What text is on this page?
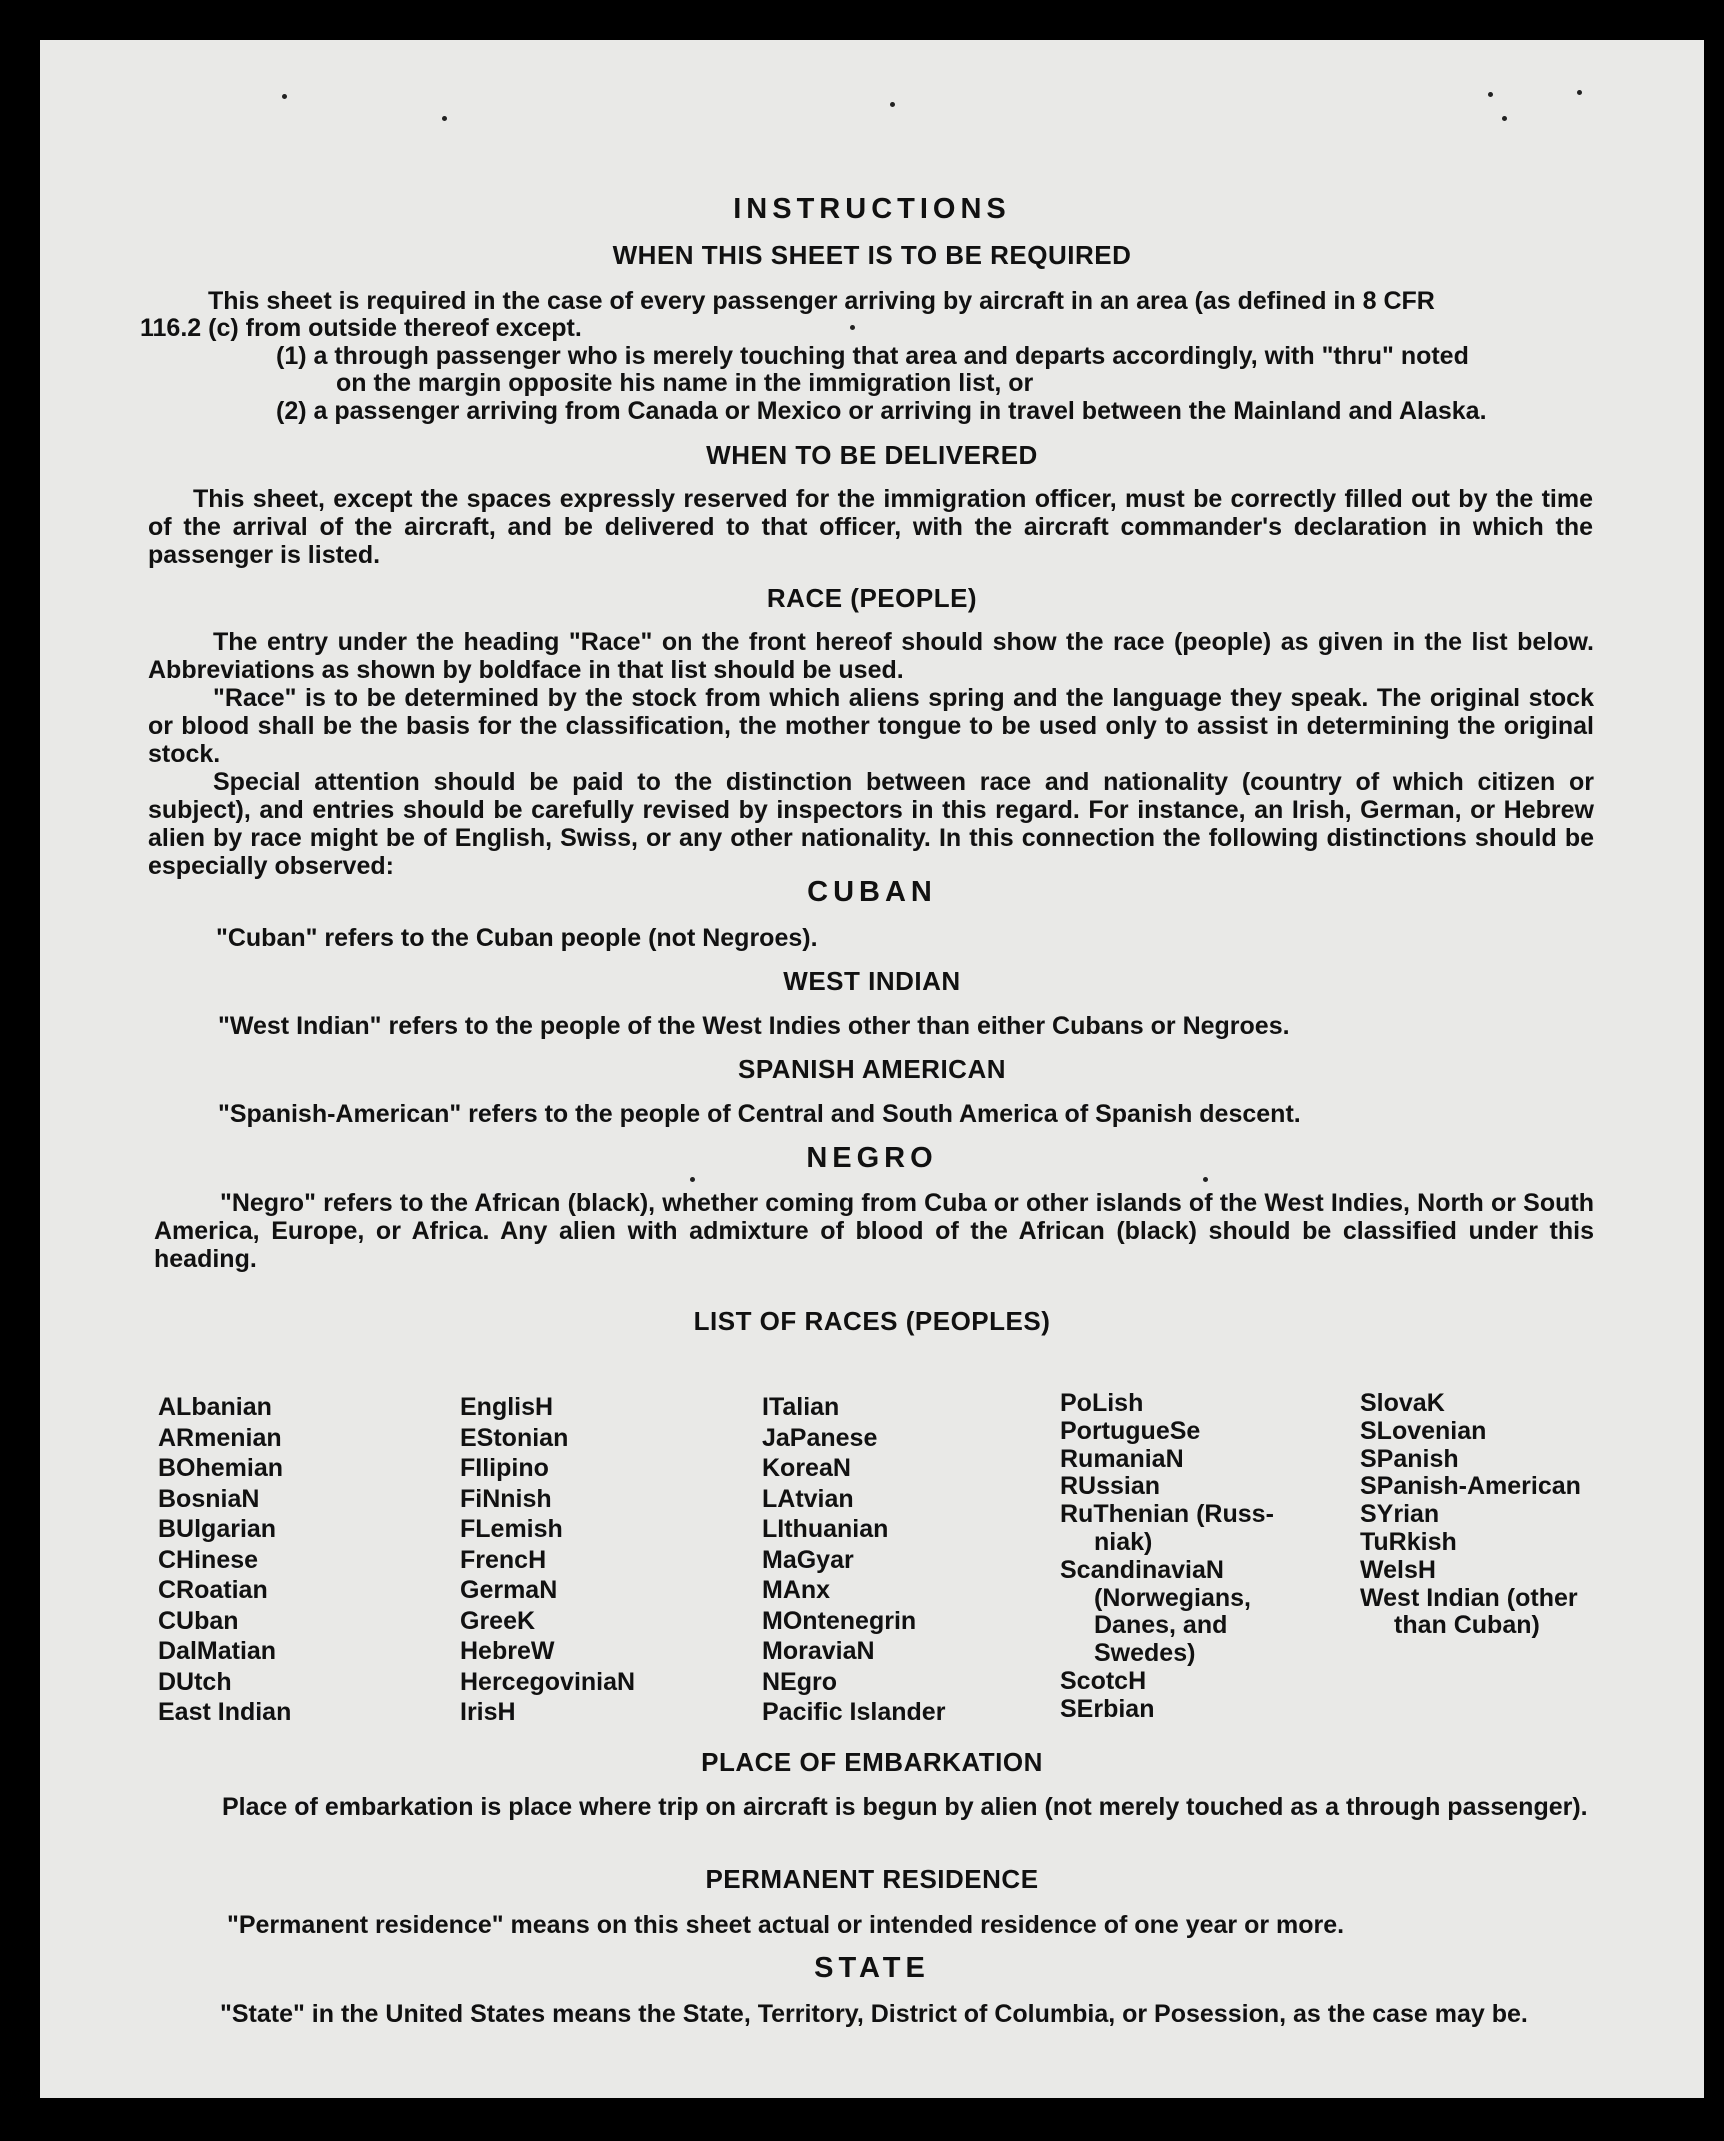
INSTRUCTIONS
WHEN THIS SHEET IS TO BE REQUIRED
This sheet is required in the case of every passenger arriving by aircraft in an area (as defined in 8 CFR
116.2 (c) from outside thereof except.
(1) a through passenger who is merely touching that area and departs accordingly, with "thru" noted
on the margin opposite his name in the immigration list, or
(2) a passenger arriving from Canada or Mexico or arriving in travel between the Mainland and Alaska.
WHEN TO BE DELIVERED
This sheet, except the spaces expressly reserved for the immigration officer, must be correctly filled out by the time of the arrival of the aircraft, and be delivered to that officer, with the aircraft commander's declaration in which the passenger is listed.
RACE (PEOPLE)
The entry under the heading "Race" on the front hereof should show the race (people) as given in the list below. Abbreviations as shown by boldface in that list should be used.
"Race" is to be determined by the stock from which aliens spring and the language they speak. The original stock or blood shall be the basis for the classification, the mother tongue to be used only to assist in determining the original stock.
Special attention should be paid to the distinction between race and nationality (country of which citizen or subject), and entries should be carefully revised by inspectors in this regard. For instance, an Irish, German, or Hebrew alien by race might be of English, Swiss, or any other nationality. In this connection the following distinctions should be especially observed:
CUBAN
"Cuban" refers to the Cuban people (not Negroes).
WEST INDIAN
"West Indian" refers to the people of the West Indies other than either Cubans or Negroes.
SPANISH AMERICAN
"Spanish-American" refers to the people of Central and South America of Spanish descent.
NEGRO
"Negro" refers to the African (black), whether coming from Cuba or other islands of the West Indies, North or South America, Europe, or Africa. Any alien with admixture of blood of the African (black) should be classified under this heading.
LIST OF RACES (PEOPLES)
ALbanian
ARmenian
BOhemian
BosniaN
BUlgarian
CHinese
CRoatian
CUban
DalMatian
DUtch
East Indian
EnglisH
EStonian
FIlipino
FiNnish
FLemish
FrencH
GermaN
GreeK
HebreW
HercegoviniaN
IrisH
ITalian
JaPanese
KoreaN
LAtvian
LIthuanian
MaGyar
MAnx
MOntenegrin
MoraviaN
NEgro
Pacific Islander
PoLish
PortugueSe
RumaniaN
RUssian
RuThenian (Russ-
niak)
ScandinaviaN
(Norwegians,
Danes, and
Swedes)
ScotcH
SErbian
SlovaK
SLovenian
SPanish
SPanish-American
SYrian
TuRkish
WelsH
West Indian (other
than Cuban)
PLACE OF EMBARKATION
Place of embarkation is place where trip on aircraft is begun by alien (not merely touched as a through passenger).
PERMANENT RESIDENCE
"Permanent residence" means on this sheet actual or intended residence of one year or more.
STATE
"State" in the United States means the State, Territory, District of Columbia, or Posession, as the case may be.
